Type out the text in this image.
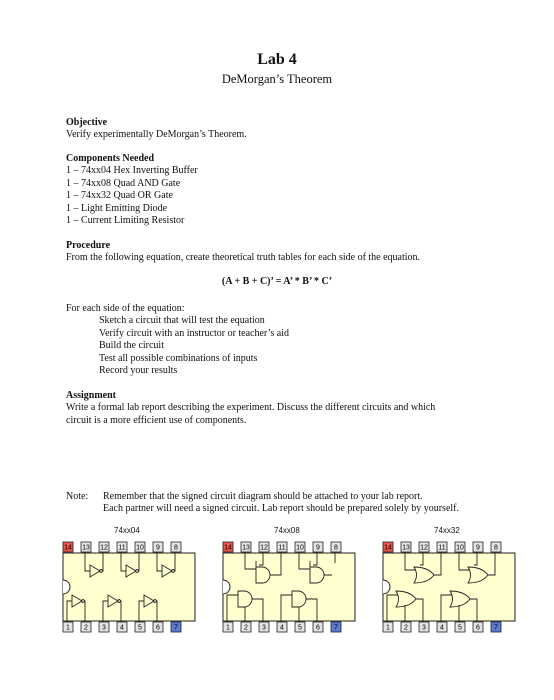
Lab 4
DeMorgan’s Theorem
Objective
Verify experimentally DeMorgan’s Theorem.
Components Needed
1 – 74xx04 Hex Inverting Buffer
1 – 74xx08 Quad AND Gate
1 – 74xx32 Quad OR Gate
1 – Light Emitting Diode
1 – Current Limiting Resistor
Procedure
From the following equation, create theoretical truth tables for each side of the equation.
(A + B + C)’ = A’ * B’ * C’
For each side of the equation:
Sketch a circuit that will test the equation
Verify circuit with an instructor or teacher’s aid
Build the circuit
Test all possible combinations of inputs
Record your results
Assignment
Write a formal lab report describing the experiment. Discuss the different circuits and which
circuit is a more efficient use of components.
Note: Remember that the signed circuit diagram should be attached to your lab report.
Each partner will need a signed circuit. Lab report should be prepared solely by yourself.
74xx04	74xx08	74xx32
14 13 12 11 10 9 8
1 2 3 4 5 6 7
14 13 12 11 10 9 8
1 2 3 4 5 6 7
14 13 12 11 10 9 8
1 2 3 4 5 6 7
